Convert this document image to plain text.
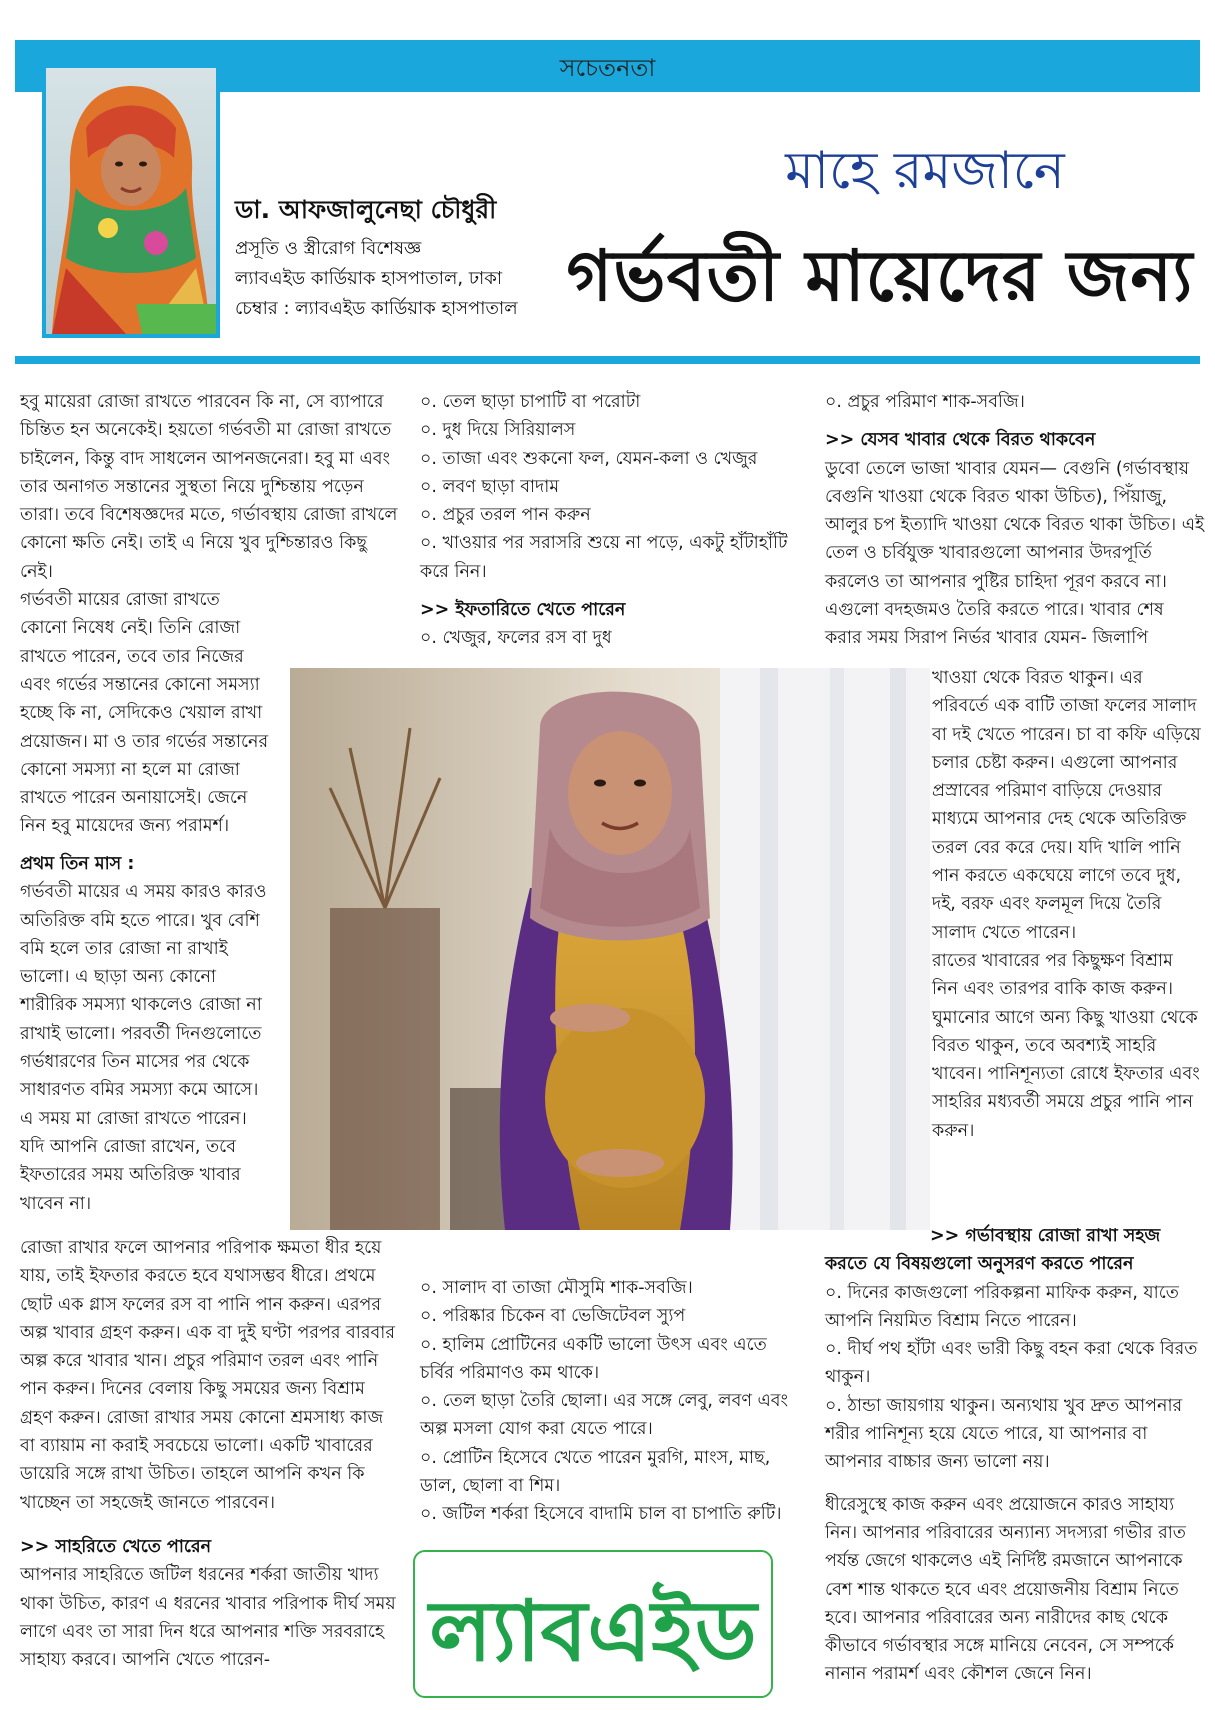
সচেতনতা
ডা. আফজালুনেছা চৌধুরী
প্রসূতি ও স্ত্রীরোগ বিশেষজ্ঞ
ল্যাবএইড কার্ডিয়াক হাসপাতাল, ঢাকা
চেম্বার : ল্যাবএইড কার্ডিয়াক হাসপাতাল
মাহে রমজানে
গর্ভবতী মায়েদের জন্য

হবু মায়েরা রোজা রাখতে পারবেন কি না, সে ব্যাপারে চিন্তিত হন অনেকেই। হয়তো গর্ভবতী মা রোজা রাখতে চাইলেন, কিন্তু বাদ সাধলেন আপনজনেরা। হবু মা এবং তার অনাগত সন্তানের সুস্থতা নিয়ে দুশ্চিন্তায় পড়েন তারা। তবে বিশেষজ্ঞদের মতে, গর্ভাবস্থায় রোজা রাখলে কোনো ক্ষতি নেই। তাই এ নিয়ে খুব দুশ্চিন্তারও কিছু নেই।

গর্ভবতী মায়ের রোজা রাখতে কোনো নিষেধ নেই। তিনি রোজা রাখতে পারেন, তবে তার নিজের এবং গর্ভের সন্তানের কোনো সমস্যা হচ্ছে কি না, সেদিকেও খেয়াল রাখা প্রয়োজন। মা ও তার গর্ভের সন্তানের কোনো সমস্যা না হলে মা রোজা রাখতে পারেন অনায়াসেই। জেনে নিন হবু মায়েদের জন্য পরামর্শ।

প্রথম তিন মাস :

গর্ভবতী মায়ের এ সময় কারও কারও অতিরিক্ত বমি হতে পারে। খুব বেশি বমি হলে তার রোজা না রাখাই ভালো। এ ছাড়া অন্য কোনো শারীরিক সমস্যা থাকলেও রোজা না রাখাই ভালো। পরবর্তী দিনগুলোতে গর্ভধারণের তিন মাসের পর থেকে সাধারণত বমির সমস্যা কমে আসে। এ সময় মা রোজা রাখতে পারেন। যদি আপনি রোজা রাখেন, তবে ইফতারের সময় অতিরিক্ত খাবার খাবেন না।

রোজা রাখার ফলে আপনার পরিপাক ক্ষমতা ধীর হয়ে যায়, তাই ইফতার করতে হবে যথাসম্ভব ধীরে। প্রথমে ছোট এক গ্লাস ফলের রস বা পানি পান করুন। এরপর অল্প খাবার গ্রহণ করুন। এক বা দুই ঘণ্টা পরপর বারবার অল্প করে খাবার খান। প্রচুর পরিমাণ তরল এবং পানি পান করুন। দিনের বেলায় কিছু সময়ের জন্য বিশ্রাম গ্রহণ করুন। রোজা রাখার সময় কোনো শ্রমসাধ্য কাজ বা ব্যায়াম না করাই সবচেয়ে ভালো। একটি খাবারের ডায়েরি সঙ্গে রাখা উচিত। তাহলে আপনি কখন কি খাচ্ছেন তা সহজেই জানতে পারবেন।

>> সাহরিতে খেতে পারেন

আপনার সাহরিতে জটিল ধরনের শর্করা জাতীয় খাদ্য থাকা উচিত, কারণ এ ধরনের খাবার পরিপাক দীর্ঘ সময় লাগে এবং তা সারা দিন ধরে আপনার শক্তি সরবরাহে সাহায্য করবে। আপনি খেতে পারেন-

০. তেল ছাড়া চাপাটি বা পরোটা

০. দুধ দিয়ে সিরিয়ালস

০. তাজা এবং শুকনো ফল, যেমন-কলা ও খেজুর

০. লবণ ছাড়া বাদাম

০. প্রচুর তরল পান করুন

০. খাওয়ার পর সরাসরি শুয়ে না পড়ে, একটু হাঁটাহাঁটি করে নিন।

>> ইফতারিতে খেতে পারেন

০. খেজুর, ফলের রস বা দুধ

০. সালাদ বা তাজা মৌসুমি শাক-সবজি।

০. পরিষ্কার চিকেন বা ভেজিটেবল স্যুপ

০. হালিম প্রোটিনের একটি ভালো উৎস এবং এতে চর্বির পরিমাণও কম থাকে।

০. তেল ছাড়া তৈরি ছোলা। এর সঙ্গে লেবু, লবণ এবং অল্প মসলা যোগ করা যেতে পারে।

০. প্রোটিন হিসেবে খেতে পারেন মুরগি, মাংস, মাছ, ডাল, ছোলা বা শিম।

০. জটিল শর্করা হিসেবে বাদামি চাল বা চাপাতি রুটি।

ল্যাবএইড

০. প্রচুর পরিমাণ শাক-সবজি।

>> যেসব খাবার থেকে বিরত থাকবেন

ডুবো তেলে ভাজা খাবার যেমন— বেগুনি (গর্ভাবস্থায় বেগুনি খাওয়া থেকে বিরত থাকা উচিত), পিঁয়াজু, আলুর চপ ইত্যাদি খাওয়া থেকে বিরত থাকা উচিত। এই তেল ও চর্বিযুক্ত খাবারগুলো আপনার উদরপূর্তি করলেও তা আপনার পুষ্টির চাহিদা পূরণ করবে না। এগুলো বদহজমও তৈরি করতে পারে। খাবার শেষ করার সময় সিরাপ নির্ভর খাবার যেমন- জিলাপি

খাওয়া থেকে বিরত থাকুন। এর পরিবর্তে এক বাটি তাজা ফলের সালাদ বা দই খেতে পারেন। চা বা কফি এড়িয়ে চলার চেষ্টা করুন। এগুলো আপনার প্রস্রাবের পরিমাণ বাড়িয়ে দেওয়ার মাধ্যমে আপনার দেহ থেকে অতিরিক্ত তরল বের করে দেয়। যদি খালি পানি পান করতে একঘেয়ে লাগে তবে দুধ, দই, বরফ এবং ফলমূল দিয়ে তৈরি সালাদ খেতে পারেন।

রাতের খাবারের পর কিছুক্ষণ বিশ্রাম নিন এবং তারপর বাকি কাজ করুন। ঘুমানোর আগে অন্য কিছু খাওয়া থেকে বিরত থাকুন, তবে অবশ্যই সাহরি খাবেন। পানিশূন্যতা রোধে ইফতার এবং সাহরির মধ্যবর্তী সময়ে প্রচুর পানি পান করুন।

>> গর্ভাবস্থায় রোজা রাখা সহজ

করতে যে বিষয়গুলো অনুসরণ করতে পারেন

০. দিনের কাজগুলো পরিকল্পনা মাফিক করুন, যাতে আপনি নিয়মিত বিশ্রাম নিতে পারেন।

০. দীর্ঘ পথ হাঁটা এবং ভারী কিছু বহন করা থেকে বিরত থাকুন।

০. ঠান্ডা জায়গায় থাকুন। অন্যথায় খুব দ্রুত আপনার শরীর পানিশূন্য হয়ে যেতে পারে, যা আপনার বা আপনার বাচ্চার জন্য ভালো নয়।

ধীরেসুস্থে কাজ করুন এবং প্রয়োজনে কারও সাহায্য নিন। আপনার পরিবারের অন্যান্য সদস্যরা গভীর রাত পর্যন্ত জেগে থাকলেও এই নির্দিষ্ট রমজানে আপনাকে বেশ শান্ত থাকতে হবে এবং প্রয়োজনীয় বিশ্রাম নিতে হবে। আপনার পরিবারের অন্য নারীদের কাছ থেকে কীভাবে গর্ভাবস্থার সঙ্গে মানিয়ে নেবেন, সে সম্পর্কে নানান পরামর্শ এবং কৌশল জেনে নিন।
